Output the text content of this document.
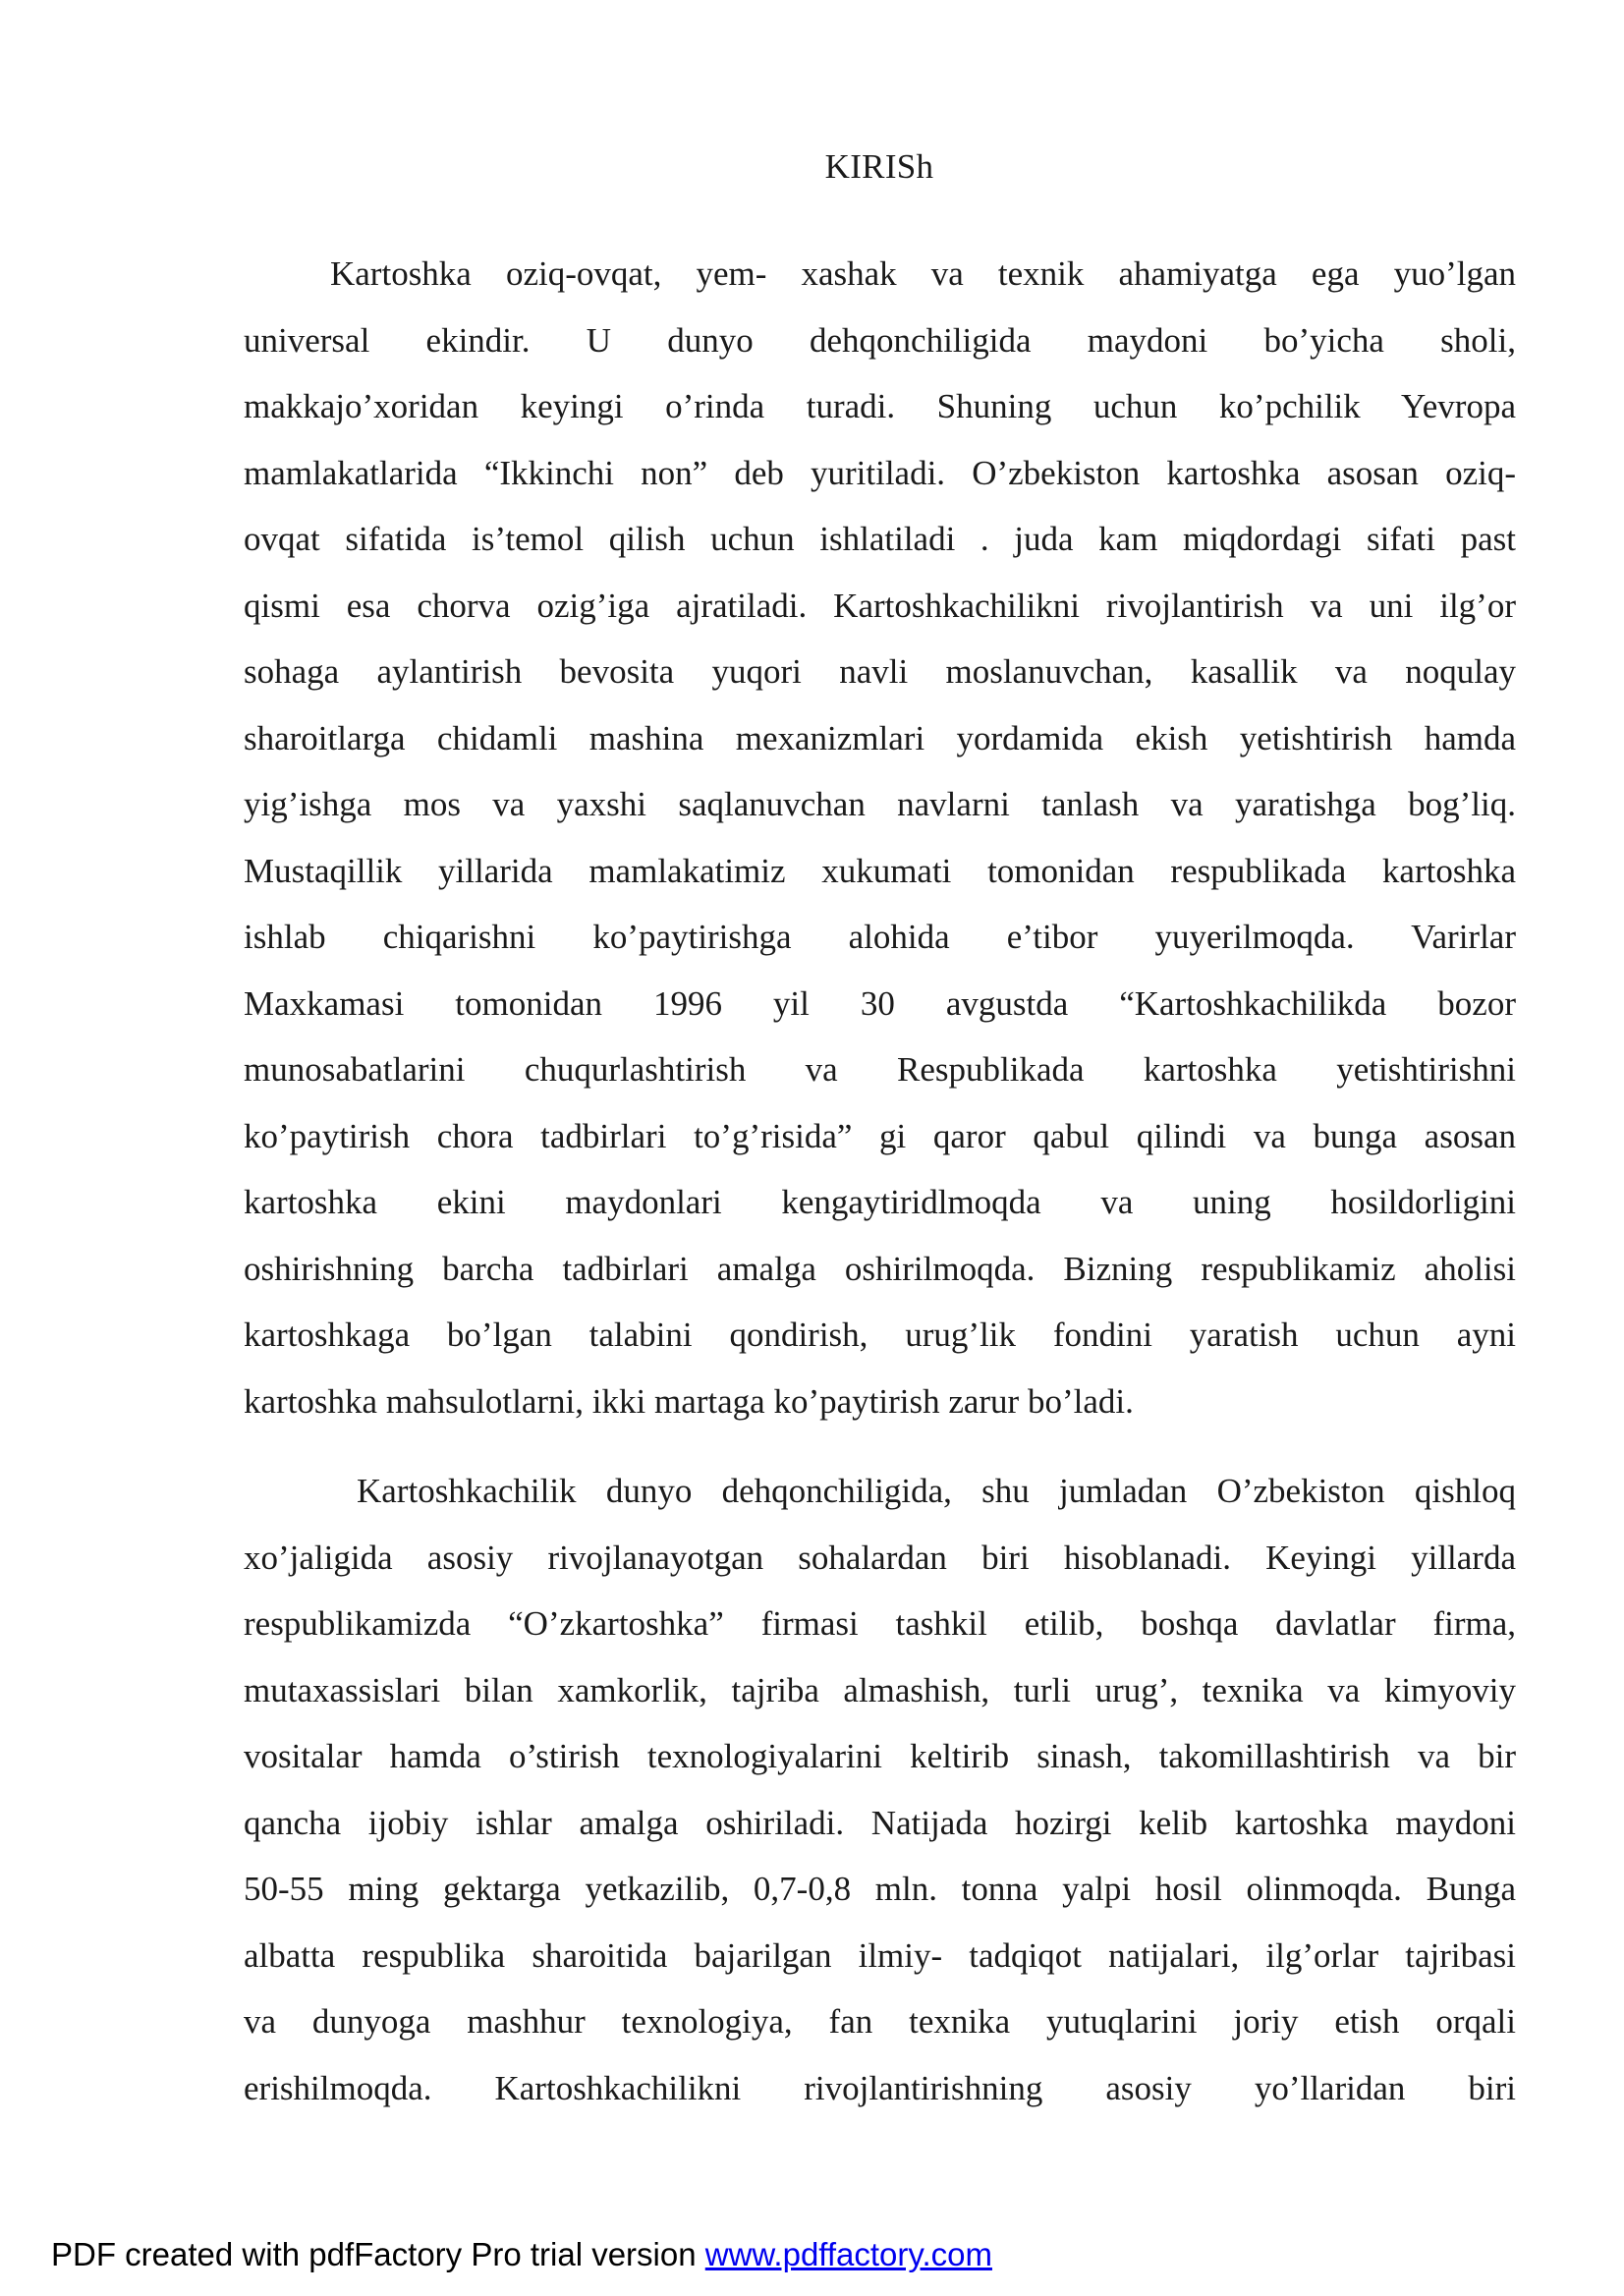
KIRISh
Kartoshka oziq-ovqat, yem- xashak va texnik ahamiyatga ega yuo’lgan
universal ekindir. U dunyo dehqonchiligida maydoni bo’yicha sholi,
makkajo’xoridan keyingi o’rinda turadi. Shuning uchun ko’pchilik Yevropa
mamlakatlarida “Ikkinchi non” deb yuritiladi. O’zbekiston kartoshka asosan oziq-
ovqat sifatida is’temol qilish uchun ishlatiladi . juda kam miqdordagi sifati past
qismi esa chorva ozig’iga ajratiladi. Kartoshkachilikni rivojlantirish va uni ilg’or
sohaga aylantirish bevosita yuqori navli moslanuvchan, kasallik va noqulay
sharoitlarga chidamli mashina mexanizmlari yordamida ekish yetishtirish hamda
yig’ishga mos va yaxshi saqlanuvchan navlarni tanlash va yaratishga bog’liq.
Mustaqillik yillarida mamlakatimiz xukumati tomonidan respublikada kartoshka
ishlab chiqarishni ko’paytirishga alohida e’tibor yuyerilmoqda. Varirlar
Maxkamasi tomonidan 1996 yil 30 avgustda “Kartoshkachilikda bozor
munosabatlarini chuqurlashtirish va Respublikada kartoshka yetishtirishni
ko’paytirish chora tadbirlari to’g’risida” gi qaror qabul qilindi va bunga asosan
kartoshka ekini maydonlari kengaytiridlmoqda va uning hosildorligini
oshirishning barcha tadbirlari amalga oshirilmoqda. Bizning respublikamiz aholisi
kartoshkaga bo’lgan talabini qondirish, urug’lik fondini yaratish uchun ayni
kartoshka mahsulotlarni, ikki martaga ko’paytirish zarur bo’ladi.
Kartoshkachilik dunyo dehqonchiligida, shu jumladan O’zbekiston qishloq
xo’jaligida asosiy rivojlanayotgan sohalardan biri hisoblanadi. Keyingi yillarda
respublikamizda “O’zkartoshka” firmasi tashkil etilib, boshqa davlatlar firma,
mutaxassislari bilan xamkorlik, tajriba almashish, turli urug’, texnika va kimyoviy
vositalar hamda o’stirish texnologiyalarini keltirib sinash, takomillashtirish va bir
qancha ijobiy ishlar amalga oshiriladi. Natijada hozirgi kelib kartoshka maydoni
50-55 ming gektarga yetkazilib, 0,7-0,8 mln. tonna yalpi hosil olinmoqda. Bunga
albatta respublika sharoitida bajarilgan ilmiy- tadqiqot natijalari, ilg’orlar tajribasi
va dunyoga mashhur texnologiya, fan texnika yutuqlarini joriy etish orqali
erishilmoqda. Kartoshkachilikni rivojlantirishning asosiy yo’llaridan biri
PDF created with pdfFactory Pro trial version www.pdffactory.com
